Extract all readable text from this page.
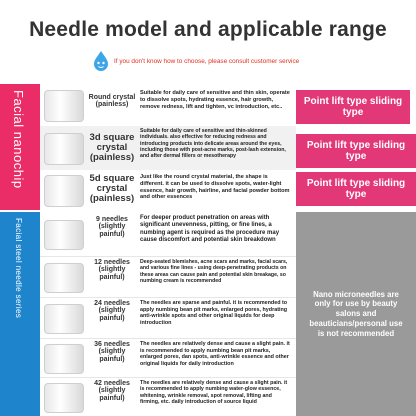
Needle model and applicable range
If you don't know how to choose, please consult customer service
Facial nanochip
Facial steel needle series
Round crystal (painless)
Suitable for daily care of sensitive and thin skin, operate to dissolve spots, hydrating essence, hair growth, remove redness, lift and tighten, vc introduction, etc..
3d square crystal (painless)
Suitable for daily care of sensitive and thin-skinned individuals. also effective for reducing redness and introducing products into delicate areas around the eyes, including those with post-acne marks, post-lash extension, and after dermal fillers or mesotherapy
5d square crystal (painless)
Just like the round crystal material, the shape is different. it can be used to dissolve spots, water-light essence, hair growth, hairline, and facial powder bottom and other essences
Point lift type sliding type
Point lift type sliding type
Point lift type sliding type
9 needles (slightly painful)
For deeper product penetration on areas with significant unevenness, pitting, or fine lines, a numbing agent is required as the procedure may cause discomfort and potential skin breakdown
12 needles (slightly painful)
Deep-seated blemishes, acne scars and marks, facial scars, and various fine lines - using deep-penetrating products on these areas can cause pain and potential skin breakage, so numbing cream is recommended
24 needles (slightly painful)
The needles are sparse and painful. it is recommended to apply numbing bean pit marks, enlarged pores, hydrating anti-wrinkle spots and other original liquids for deep introduction
36 needles (slightly painful)
The needles are relatively dense and cause a slight pain. it is recommended to apply numbing bean pit marks, enlarged pores, dan spots, anti-wrinkle essence and other original liquids for daily introduction
42 needles (slightly painful)
The needles are relatively dense and cause a slight pain. it is recommended to apply numbing water-glow essence, whitening, wrinkle removal, spot removal, lifting and firming, etc. daily introduction of source liquid
Nano microneedles are only for use by beauty salons and beauticians/personal use is not recommended
